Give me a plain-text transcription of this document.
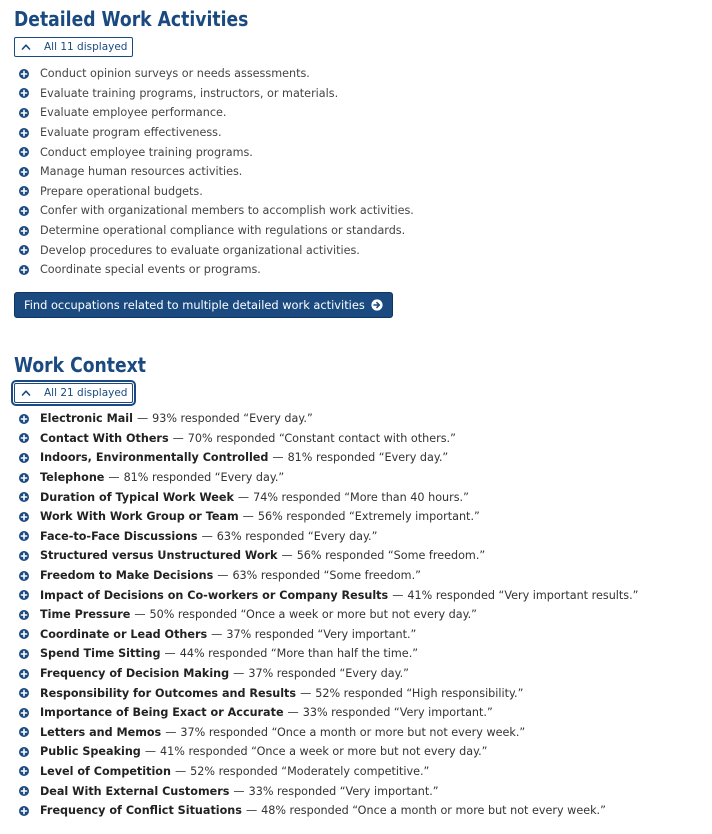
Detailed Work Activities
All 11 displayed
Conduct opinion surveys or needs assessments.
Evaluate training programs, instructors, or materials.
Evaluate employee performance.
Evaluate program effectiveness.
Conduct employee training programs.
Manage human resources activities.
Prepare operational budgets.
Confer with organizational members to accomplish work activities.
Determine operational compliance with regulations or standards.
Develop procedures to evaluate organizational activities.
Coordinate special events or programs.
Find occupations related to multiple detailed work activities
Work Context
All 21 displayed
Electronic Mail — 93% responded “Every day.”
Contact With Others — 70% responded “Constant contact with others.”
Indoors, Environmentally Controlled — 81% responded “Every day.”
Telephone — 81% responded “Every day.”
Duration of Typical Work Week — 74% responded “More than 40 hours.”
Work With Work Group or Team — 56% responded “Extremely important.”
Face-to-Face Discussions — 63% responded “Every day.”
Structured versus Unstructured Work — 56% responded “Some freedom.”
Freedom to Make Decisions — 63% responded “Some freedom.”
Impact of Decisions on Co-workers or Company Results — 41% responded “Very important results.”
Time Pressure — 50% responded “Once a week or more but not every day.”
Coordinate or Lead Others — 37% responded “Very important.”
Spend Time Sitting — 44% responded “More than half the time.”
Frequency of Decision Making — 37% responded “Every day.”
Responsibility for Outcomes and Results — 52% responded “High responsibility.”
Importance of Being Exact or Accurate — 33% responded “Very important.”
Letters and Memos — 37% responded “Once a month or more but not every week.”
Public Speaking — 41% responded “Once a week or more but not every day.”
Level of Competition — 52% responded “Moderately competitive.”
Deal With External Customers — 33% responded “Very important.”
Frequency of Conflict Situations — 48% responded “Once a month or more but not every week.”
